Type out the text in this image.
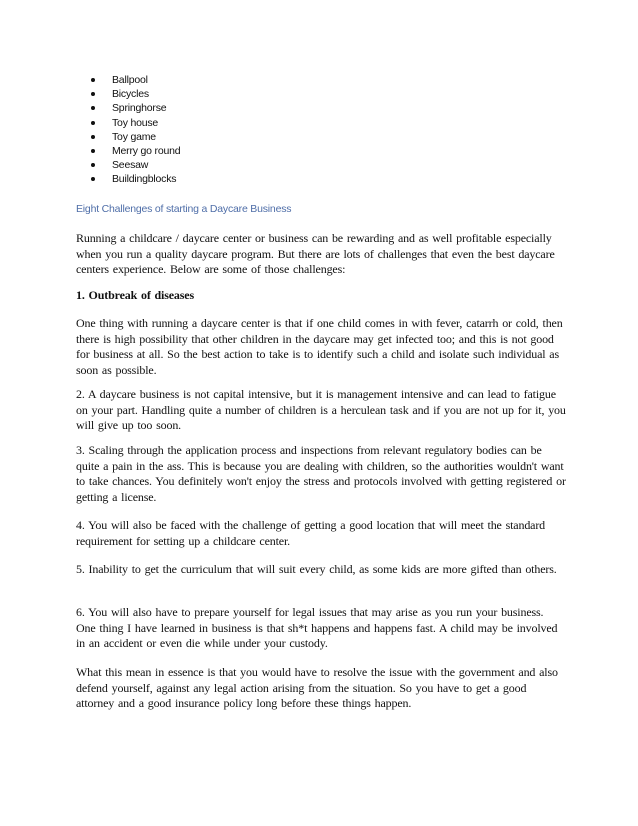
Ballpool
Bicycles
Springhorse
Toy house
Toy game
Merry go round
Seesaw
Buildingblocks
Eight Challenges of starting a Daycare Business

Running a childcare / daycare center or business can be rewarding and as well profitable especially when you run a quality daycare program. But there are lots of challenges that even the best daycare centers experience. Below are some of those challenges:

1. Outbreak of diseases

One thing with running a daycare center is that if one child comes in with fever, catarrh or cold, then there is high possibility that other children in the daycare may get infected too; and this is not good for business at all. So the best action to take is to identify such a child and isolate such individual as soon as possible.

2. A daycare business is not capital intensive, but it is management intensive and can lead to fatigue on your part. Handling quite a number of children is a herculean task and if you are not up for it, you will give up too soon.

3. Scaling through the application process and inspections from relevant regulatory bodies can be quite a pain in the ass. This is because you are dealing with children, so the authorities wouldn't want to take chances. You definitely won't enjoy the stress and protocols involved with getting registered or getting a license.

4. You will also be faced with the challenge of getting a good location that will meet the standard requirement for setting up a childcare center.

5. Inability to get the curriculum that will suit every child, as some kids are more gifted than others.

6. You will also have to prepare yourself for legal issues that may arise as you run your business. One thing I have learned in business is that sh*t happens and happens fast. A child may be involved in an accident or even die while under your custody.

What this mean in essence is that you would have to resolve the issue with the government and also defend yourself, against any legal action arising from the situation. So you have to get a good attorney and a good insurance policy long before these things happen.
